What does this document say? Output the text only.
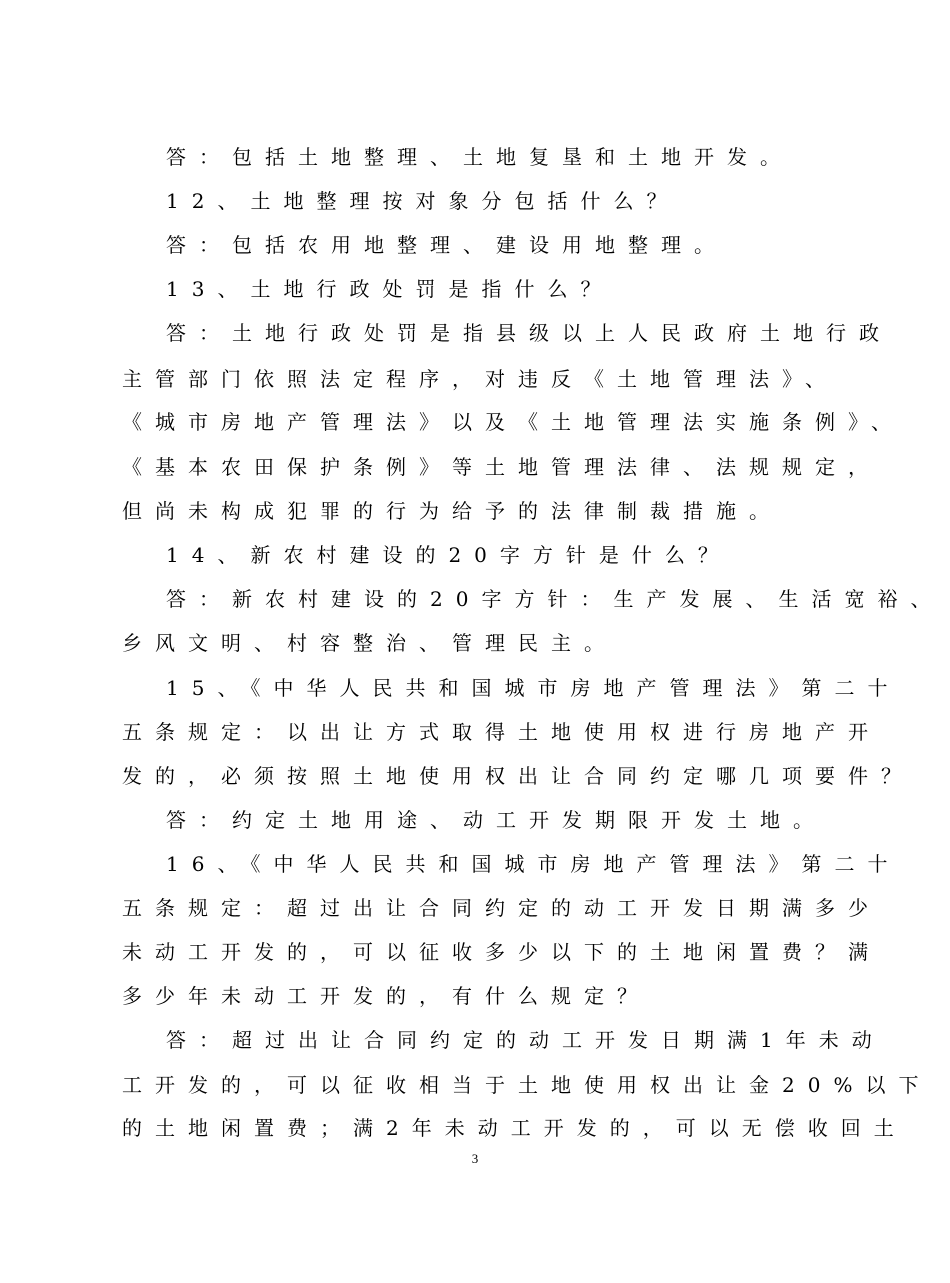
答：包括土地整理、土地复垦和土地开发。
12、土地整理按对象分包括什么？
答：包括农用地整理、建设用地整理。
13、土地行政处罚是指什么？
答：土地行政处罚是指县级以上人民政府土地行政
主管部门依照法定程序，对违反《土地管理法》、
《城市房地产管理法》以及《土地管理法实施条例》、
《基本农田保护条例》等土地管理法律、法规规定，
但尚未构成犯罪的行为给予的法律制裁措施。
14、新农村建设的20字方针是什么？
答：新农村建设的20字方针：生产发展、生活宽裕、
乡风文明、村容整治、管理民主。
15、《中华人民共和国城市房地产管理法》第二十
五条规定：以出让方式取得土地使用权进行房地产开
发的，必须按照土地使用权出让合同约定哪几项要件？
答：约定土地用途、动工开发期限开发土地。
16、《中华人民共和国城市房地产管理法》第二十
五条规定：超过出让合同约定的动工开发日期满多少
未动工开发的，可以征收多少以下的土地闲置费？满
多少年未动工开发的，有什么规定？
答：超过出让合同约定的动工开发日期满1年未动
工开发的，可以征收相当于土地使用权出让金20%以下
的土地闲置费；满2年未动工开发的，可以无偿收回土
3
